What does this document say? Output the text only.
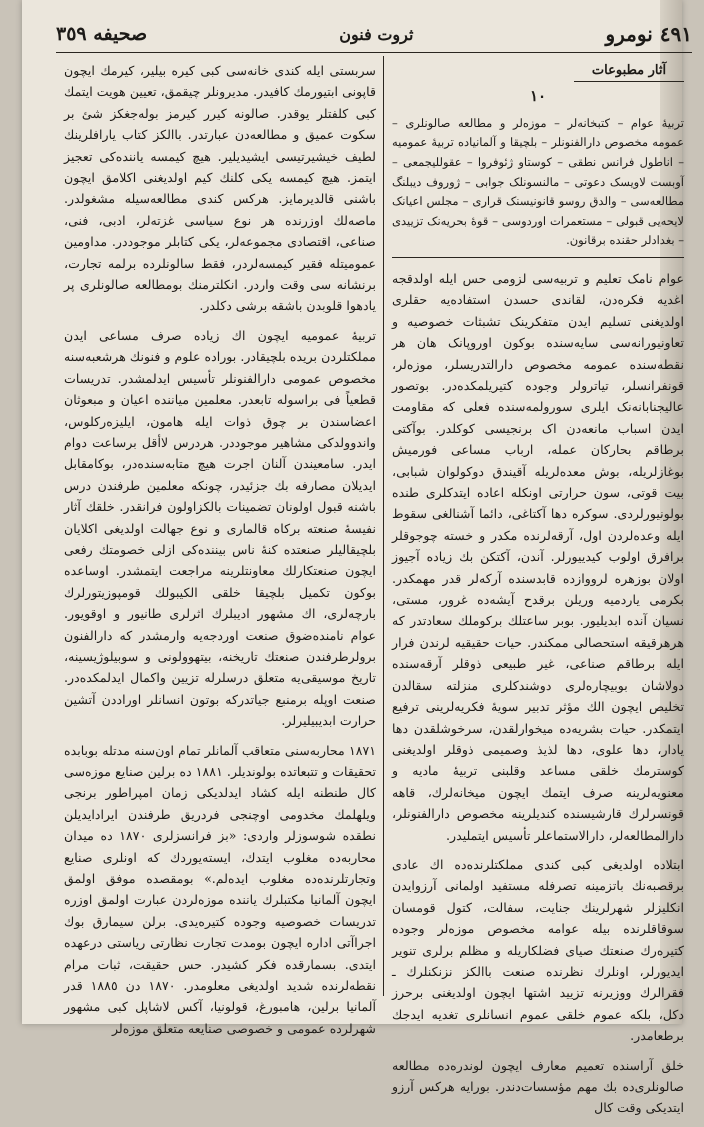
٤٩١ نومرو
ثروت فنون
صحيفه ٣٥٩
آثار مطبوعات
١٠
تربیهٔ عوام – کتبخانه‌لر – موزه‌لر و مطالعه صالونلری – عمومه مخصوص دارالفنونلر – بلچیقا و آلمانیاده تربیهٔ عمومیه – اناطول فرانس نطقی – کوستاو ژئوفروا – عقوللیجمعی – آوبست لاویسک دعوتی – مالنسونلک جوابی – ژوروف دیبلنگ مطالعه‌سی – والدق روسو قانونیسنک قراری – مجلس اعیانک لایحه‌یی قبولی – مستعمرات اوردوسی – قوهٔ بحریه‌نک تزییدی – بغدادلر حقنده برقانون.

عوام نامک تعلیم و تربیه‌سی لزومی حس ایله اولدقجه اغدیه فکره‌دن، لقاندی حسدن استفاده‌یه حقلری اولدیغنی تسلیم ایدن متفکرینک تشبثات خصوصیه و تعاونیورانه‌سی سایه‌سنده بوکون اوروپانک هان هر نقطه‌سنده عمومه مخصوص دارالتدریسلر، موزه‌لر، قونفرانسلر، تیاترولر وجوده کتیریلمکده‌در. بوتصور عالیجنابانه‌نک ایلری سورولمه‌سنده فعلی که مقاومت ایدن اسباب مانعه‌دن اک برنجیسی کوکلدر. بوآکتی برطاقم بحارکان عمله، ارباب مساعی فورمیش بوغازلریله، بوش معده‌لریله آقیندق دوکولوان شبابی، بیت قوتی، سون حرارتی اونکله اعاده ایتدکلری طنده بولونیورلردی. سوکره دها آکتاغی، دائما آشنالغی سقوط ایله وعده‌لردن اول، آرقه‌لرنده مکدر و خسته چوجوقلر برافرق اولوب کیدییورلر. آندن، آکتکن بك زیاده آجیوز اولان بوزهره لرووازده قابدسنده آرکه‌لر قدر مهمکدر. بکرمی یاردمیه وریلن برقدح آیشه‌ده غرور، مستی، نسیان آنده ابدیلیور. بوبر ساعتلك برکوملك سعادتدر که هرهرقیقه استحصالی ممکندر. حیات حقیقیه لرندن فرار ایله برطاقم صناعی، غیر طبیعی ذوقلر آرقه‌سنده دولاشان بوبیچاره‌لری دوشندکلری منزلته سقالدن تخلیص ایچون الك مؤثر تدبیر سویهٔ فکریه‌لرینی ترفیع ایتمکدر. حیات بشریه‌ده میخوارلقدن، سرخوشلقدن دها یادار، دها علوی، دها لذیذ وصمیمی ذوقلر اولدیغنی کوسترمك خلقی مساعد وقلبنی تربیهٔ مادیه و معنویه‌لرینه صرف ایتمك ایچون میخانه‌لرك، قاهه قونسرلرك قارشیسنده کندیلرینه مخصوص دارالفنونلر، دارالمطالعه‌لر، دارالاستماعلر تأسیس ایتملیدر.

ابتلاده اولدیغی کبی کندی مملکتلرنده‌ده اك عادی برقصبه‌نك باتزمینه تصرفله مستفید اولمانی آرزوایدن انکلیزلر شهرلرینك جنایت، سفالت، کتول قومسان سوقاقلرنده بیله عوامه مخصوص موزه‌لر وجوده کتیره‌رك صنعتك صیای فضلکاریله و مظلم برلری تنویر ایدیورلر، اونلرك نظرنده صنعت باالکز نزنکنلرك ـ فقرالرك ووزیرنه تزیید اشتها ایچون اولدیغنی برحرز دکل، بلکه عموم خلقی عموم انسانلری تغدیه ایدجك برطعامدر.

خلق آراسنده تعمیم معارف ایچون لوندره‌ده مطالعه صالونلری‌ده بك مهم مؤسسات‌دندر. بورایه هرکس آرزو ایتدیکی وقت کال

سربستی ایله کندی خانه‌سی کبی کیره بیلیر، کیرمك ایچون قاپونی ابتیورمك کافیدر. مدیرونلر چیقمق، تعیین هویت ایتمك کبی کلفتلر یوقدر. صالونه کیرر کیرمز بوله‌جغکز شئ بر سکوت عمیق و مطالعه‌دن عبارتدر. باالکز کتاب یارافلرینك لطیف خیشیرتیسی ایشیدیلیر. هیچ کیمسه یاننده‌کی تعجیز ایتمز. هیچ کیمسه یکی کلنك کیم اولدیغنی اکلامق ایچون باشنی قالدیرمایز. هرکس کندی مطالعه‌سیله مشغولدر. ماصه‌لك اوزرنده هر نوع سیاسی غزته‌لر، ادبی، فنی، صناعی، اقتصادی مجموعه‌لر، یکی کتابلر موجوددر. مداومین عمومیتله فقیر کیمسه‌لردر، فقط سالونلرده برلمه تجارت، برنشانه سی وقت واردر. انکلترمنك بومطالعه صالونلری پر یادهوا قلوبدن باشقه برشی دکلدر.

تربیهٔ عمومیه ایچون اك زیاده صرف مساعی ایدن مملکتلردن بریده بلچیقادر. بوراده علوم و فنونك هرشعبه‌سنه مخصوص عمومی دارالفنونلر تأسیس ایدلمشدر. تدریسات قطعیاً فی براسوله تابعدر. معلمین میاننده اعیان و مبعوثان اعضاسندن بر چوق ذوات ایله هامون، ایلیزه‌رکلوس، واندوولدکی مشاهیر موجوددر. هردرس لاأقل برساعت دوام ایدر. سامعیندن آلنان اجرت هیچ متابه‌سندەدر، بوکامقابل ایدیلان مصارفه بك جزئیدر، چونکه معلمین طرفندن درس باشنه قبول اولونان تضمینات بالکزاولون فرانقدر. خلقك آثار نفیسهٔ صنعته برکاه قالماری و نوع جهالت اولدیغی اکلایان بلچیقالیلر صنعتده کنهٔ ناس بیننده‌کی ازلی خصومتك رفعی ایچون صنعتکارلك معاونتلرینه مراجعت ایتمشدر. اوساعده بوکون تکمیل بلچیقا خلقی الکیبولك قومپوزیتورلرك بارچه‌لری، اك مشهور ادیبلرك اثرلری طانیور و اوقویور. عوام نامنده‌ضوق صنعت اوردجه‌یه وارمشدر که دارالفنون برولرطرفندن صنعتك تاریخنه، بیتهوولونی و سوبیلوژیسینه، تاریخ موسیقی‌یه متعلق درسلرله تزیین واکمال ایدلمکده‌در. صنعت اوپله برمنبع جیاتدرکه بوتون انسانلر اوراددن آتشین حرارت ابدیبیلیرلر.

١٨٧١ محاربه‌سنی متعاقب آلمانلر تمام اون‌سنه مدتله بوبابده تحقیقات و تتبعاتده بولوندیلر. ١٨٨١ ده برلین صنایع موزه‌سی کال طنطنه ایله کشاد ایدلدیکی زمان امپراطور برنجی ویلهلمك مخدومی اوچنجی فردریق طرفندن ایرادایدیلن نطقده شوسوزلر واردی: «بز فرانسزلری ١٨٧٠ ده میدان محاربه‌ده مغلوب ایتدك، ایسته‌یوردك که اونلری صنایع وتجارتلرنده‌ده مغلوب ایده‌لم.» بومقصده موفق اولمق ایچون آلمانیا مکتبلرك یاننده موزه‌لردن عبارت اولمق اوزره تدریسات خصوصیه وجوده کتیره‌یدی. برلن سیمارق بوك اجراآتی اداره ایچون بومدت تجارت نظارتی ریاستی درعهده ایتدی. بسمارقده فکر کشیدر. حس حقیقت، ثبات مرام نقطه‌لرنده شدید اولدیغی معلومدر. ١٨٧٠ دن ١٨٨٥ قدر آلمانیا برلین، هامبورغ، قولونیا، آکس لاشاپل کبی مشهور شهرلرده عمومی و خصوصی صنایعه متعلق موزه‌لر
